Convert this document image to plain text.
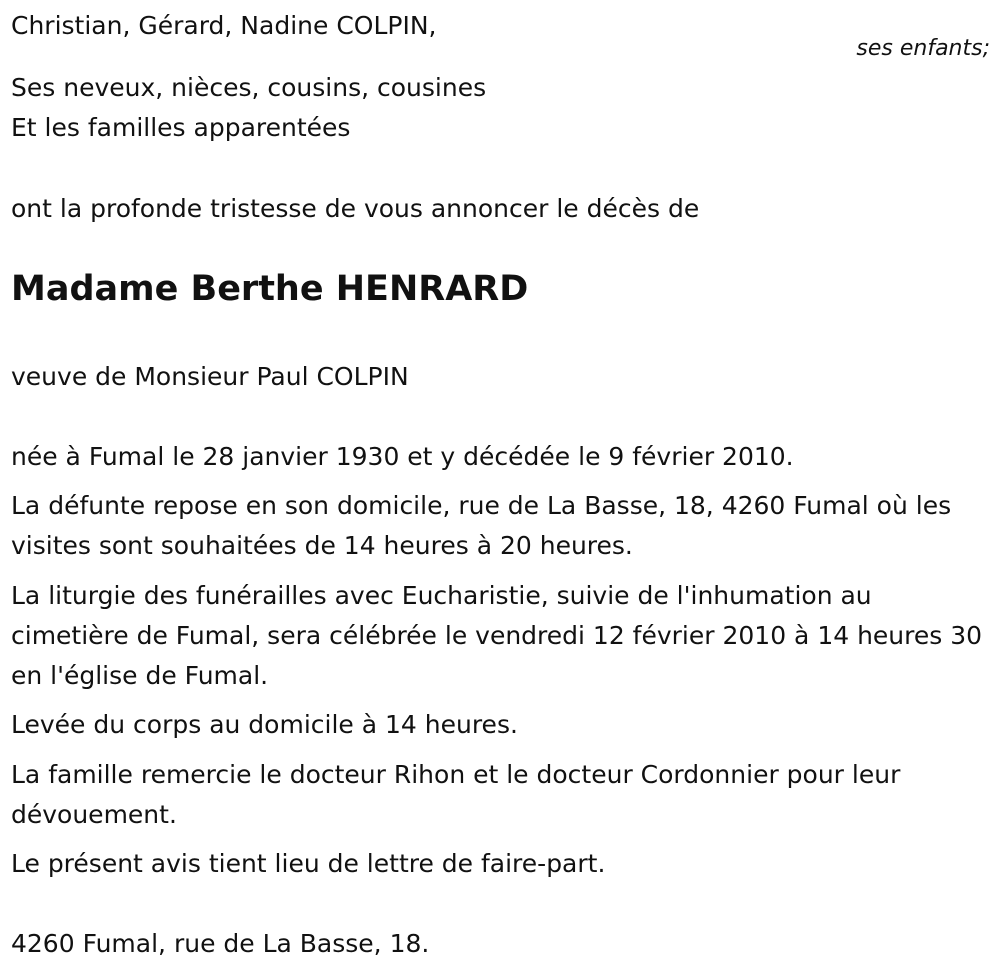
Christian, Gérard, Nadine COLPIN,

ses enfants;

Ses neveux, nièces, cousins, cousines

Et les familles apparentées

ont la profonde tristesse de vous annoncer le décès de

Madame Berthe HENRARD

veuve de Monsieur Paul COLPIN

née à Fumal le 28 janvier 1930 et y décédée le 9 février 2010.

La défunte repose en son domicile, rue de La Basse, 18, 4260 Fumal où les visites sont souhaitées de 14 heures à 20 heures.

La liturgie des funérailles avec Eucharistie, suivie de l'inhumation au cimetière de Fumal, sera célébrée le vendredi 12 février 2010 à 14 heures 30 en l'église de Fumal.

Levée du corps au domicile à 14 heures.

La famille remercie le docteur Rihon et le docteur Cordonnier pour leur dévouement.

Le présent avis tient lieu de lettre de faire-part.

4260 Fumal, rue de La Basse, 18.
